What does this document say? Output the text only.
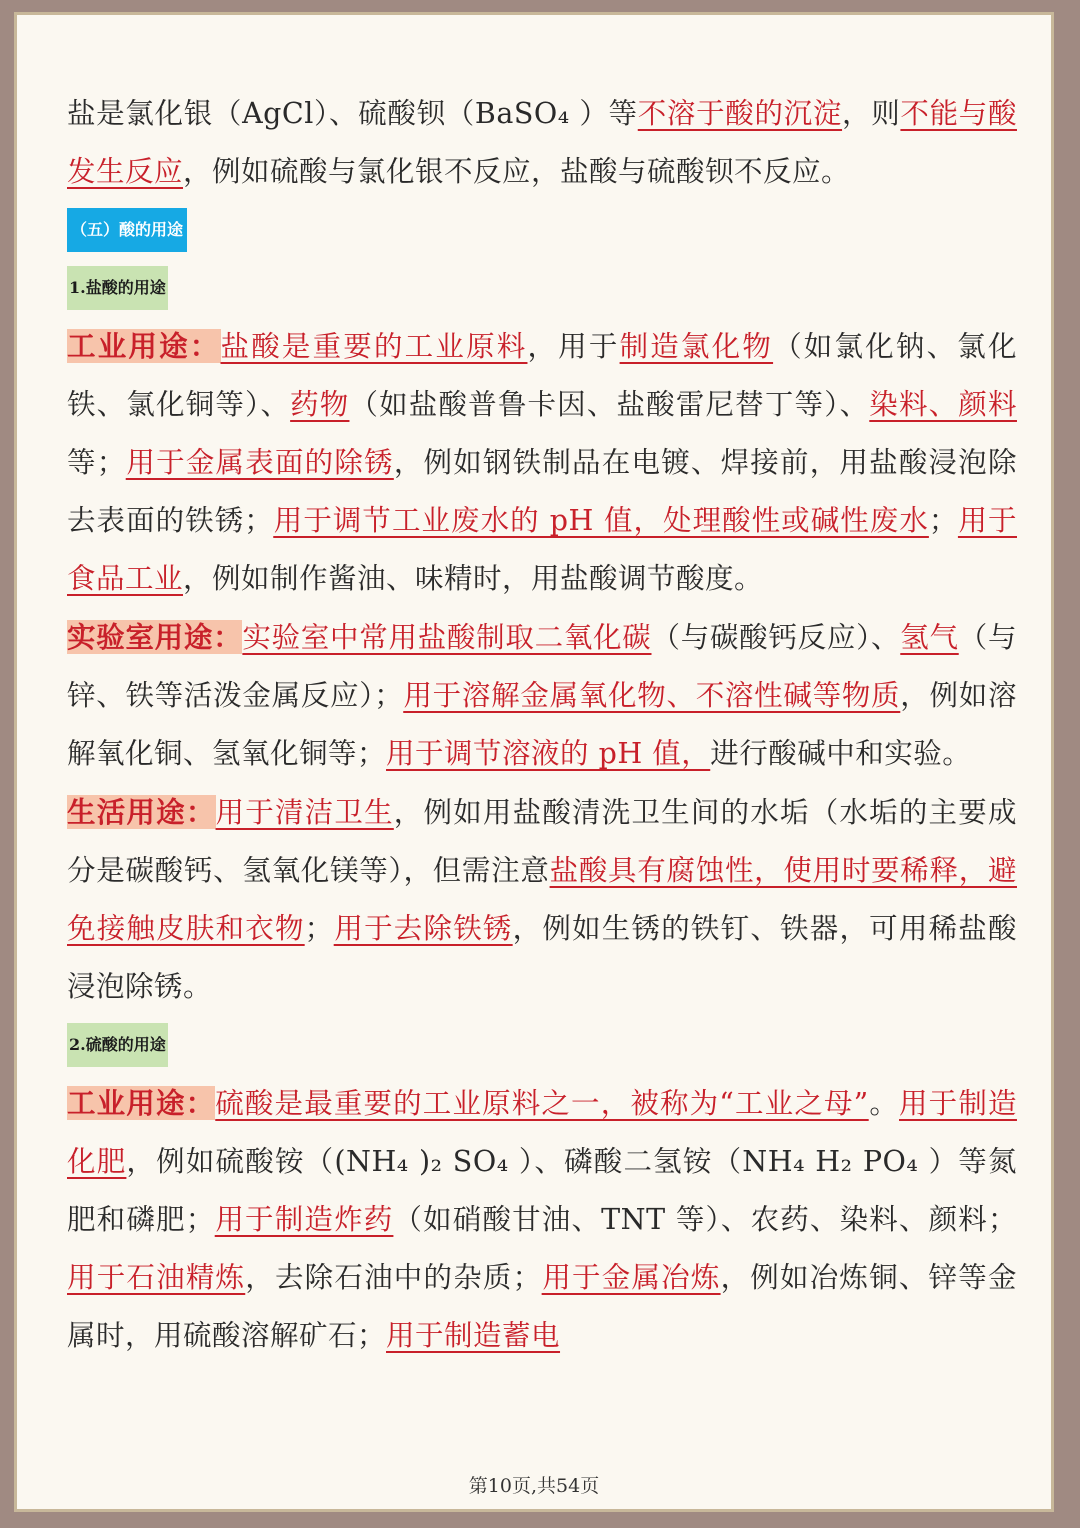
盐是氯化银（AgCl）、硫酸钡（BaSO₄ ）等不溶于酸的沉淀，则不能与酸发生反应，例如硫酸与氯化银不反应，盐酸与硫酸钡不反应。

（五）酸的用途
1.盐酸的用途

工业用途：盐酸是重要的工业原料，用于制造氯化物（如氯化钠、氯化铁、氯化铜等）、药物（如盐酸普鲁卡因、盐酸雷尼替丁等）、染料、颜料等；用于金属表面的除锈，例如钢铁制品在电镀、焊接前，用盐酸浸泡除去表面的铁锈；用于调节工业废水的 pH 值，处理酸性或碱性废水；用于食品工业，例如制作酱油、味精时，用盐酸调节酸度。

实验室用途：实验室中常用盐酸制取二氧化碳（与碳酸钙反应）、氢气（与锌、铁等活泼金属反应）；用于溶解金属氧化物、不溶性碱等物质，例如溶解氧化铜、氢氧化铜等；用于调节溶液的 pH 值，进行酸碱中和实验。

生活用途：用于清洁卫生，例如用盐酸清洗卫生间的水垢（水垢的主要成分是碳酸钙、氢氧化镁等），但需注意盐酸具有腐蚀性，使用时要稀释，避免接触皮肤和衣物；用于去除铁锈，例如生锈的铁钉、铁器，可用稀盐酸浸泡除锈。

2.硫酸的用途

工业用途：硫酸是最重要的工业原料之一，被称为“工业之母”。用于制造化肥，例如硫酸铵（(NH₄ )₂ SO₄ ）、磷酸二氢铵（NH₄ H₂ PO₄ ）等氮肥和磷肥；用于制造炸药（如硝酸甘油、TNT 等）、农药、染料、颜料；用于石油精炼，去除石油中的杂质；用于金属冶炼，例如冶炼铜、锌等金属时，用硫酸溶解矿石；用于制造蓄电

第10页,共54页
